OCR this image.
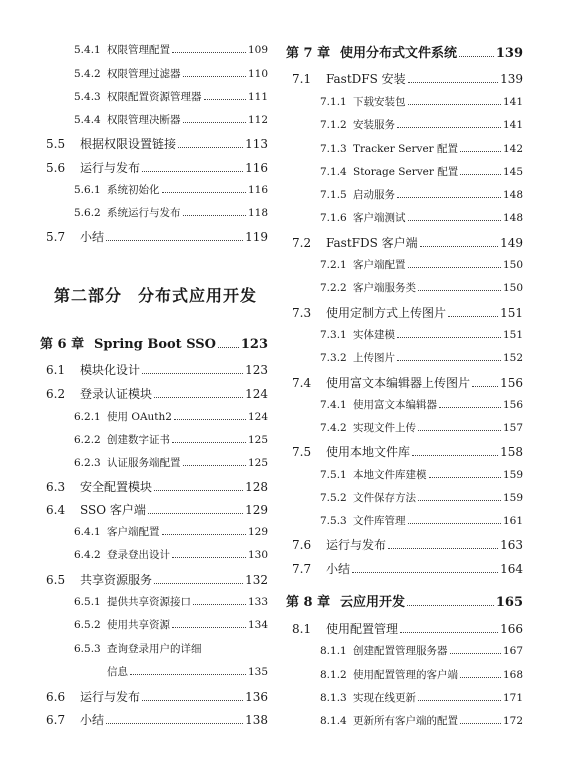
5.4.1 权限管理配置	109
5.4.2 权限管理过滤器	110
5.4.3 权限配置资源管理器	111
5.4.4 权限管理决断器	112
5.5	根据权限设置链接	113
5.6	运行与发布	116
5.6.1 系统初始化	116
5.6.2 系统运行与发布	118
5.7	小结	119
第二部分 分布式应用开发
第 6 章 Spring Boot SSO 123
6.1	模块化设计	123
6.2	登录认证模块	124
6.2.1 使用 OAuth2	124
6.2.2 创建数字证书	125
6.2.3 认证服务端配置	125
6.3	安全配置模块	128
6.4	SSO 客户端	129
6.4.1 客户端配置	129
6.4.2 登录登出设计	130
6.5	共享资源服务	132
6.5.1 提供共享资源接口	133
6.5.2 使用共享资源	134
6.5.3 查询登录用户的详细
信息	135
6.6	运行与发布	136
6.7	小结	138
第 7 章 使用分布式文件系统	139
7.1	FastDFS 安装	139
7.1.1 下载安装包	141
7.1.2 安装服务	141
7.1.3 Tracker Server 配置	142
7.1.4 Storage Server 配置	145
7.1.5 启动服务	148
7.1.6 客户端测试	148
7.2	FastFDS 客户端	149
7.2.1 客户端配置	150
7.2.2 客户端服务类	150
7.3	使用定制方式上传图片	151
7.3.1 实体建模	151
7.3.2 上传图片	152
7.4	使用富文本编辑器上传图片	156
7.4.1 使用富文本编辑器	156
7.4.2 实现文件上传	157
7.5	使用本地文件库	158
7.5.1 本地文件库建模	159
7.5.2 文件保存方法	159
7.5.3 文件库管理	161
7.6	运行与发布	163
7.7	小结	164
第 8 章 云应用开发	165
8.1	使用配置管理	166
8.1.1 创建配置管理服务器	167
8.1.2 使用配置管理的客户端	168
8.1.3 实现在线更新	171
8.1.4 更新所有客户端的配置	172
